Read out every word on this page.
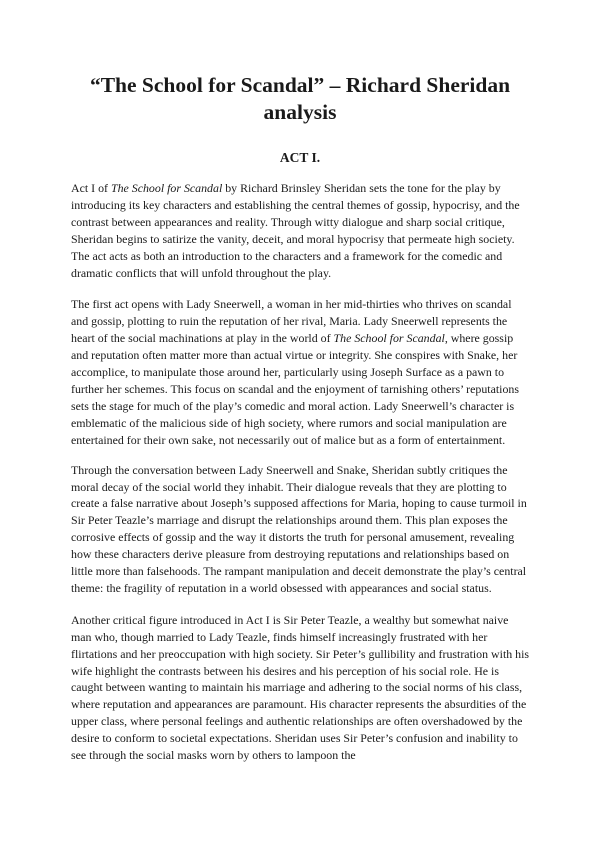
“The School for Scandal” – Richard Sheridan analysis
ACT I.

Act I of The School for Scandal by Richard Brinsley Sheridan sets the tone for the play by introducing its key characters and establishing the central themes of gossip, hypocrisy, and the contrast between appearances and reality. Through witty dialogue and sharp social critique, Sheridan begins to satirize the vanity, deceit, and moral hypocrisy that permeate high society. The act acts as both an introduction to the characters and a framework for the comedic and dramatic conflicts that will unfold throughout the play.

The first act opens with Lady Sneerwell, a woman in her mid-thirties who thrives on scandal and gossip, plotting to ruin the reputation of her rival, Maria. Lady Sneerwell represents the heart of the social machinations at play in the world of The School for Scandal, where gossip and reputation often matter more than actual virtue or integrity. She conspires with Snake, her accomplice, to manipulate those around her, particularly using Joseph Surface as a pawn to further her schemes. This focus on scandal and the enjoyment of tarnishing others’ reputations sets the stage for much of the play’s comedic and moral action. Lady Sneerwell’s character is emblematic of the malicious side of high society, where rumors and social manipulation are entertained for their own sake, not necessarily out of malice but as a form of entertainment.

Through the conversation between Lady Sneerwell and Snake, Sheridan subtly critiques the moral decay of the social world they inhabit. Their dialogue reveals that they are plotting to create a false narrative about Joseph’s supposed affections for Maria, hoping to cause turmoil in Sir Peter Teazle’s marriage and disrupt the relationships around them. This plan exposes the corrosive effects of gossip and the way it distorts the truth for personal amusement, revealing how these characters derive pleasure from destroying reputations and relationships based on little more than falsehoods. The rampant manipulation and deceit demonstrate the play’s central theme: the fragility of reputation in a world obsessed with appearances and social status.

Another critical figure introduced in Act I is Sir Peter Teazle, a wealthy but somewhat naive man who, though married to Lady Teazle, finds himself increasingly frustrated with her flirtations and her preoccupation with high society. Sir Peter’s gullibility and frustration with his wife highlight the contrasts between his desires and his perception of his social role. He is caught between wanting to maintain his marriage and adhering to the social norms of his class, where reputation and appearances are paramount. His character represents the absurdities of the upper class, where personal feelings and authentic relationships are often overshadowed by the desire to conform to societal expectations. Sheridan uses Sir Peter’s confusion and inability to see through the social masks worn by others to lampoon the
